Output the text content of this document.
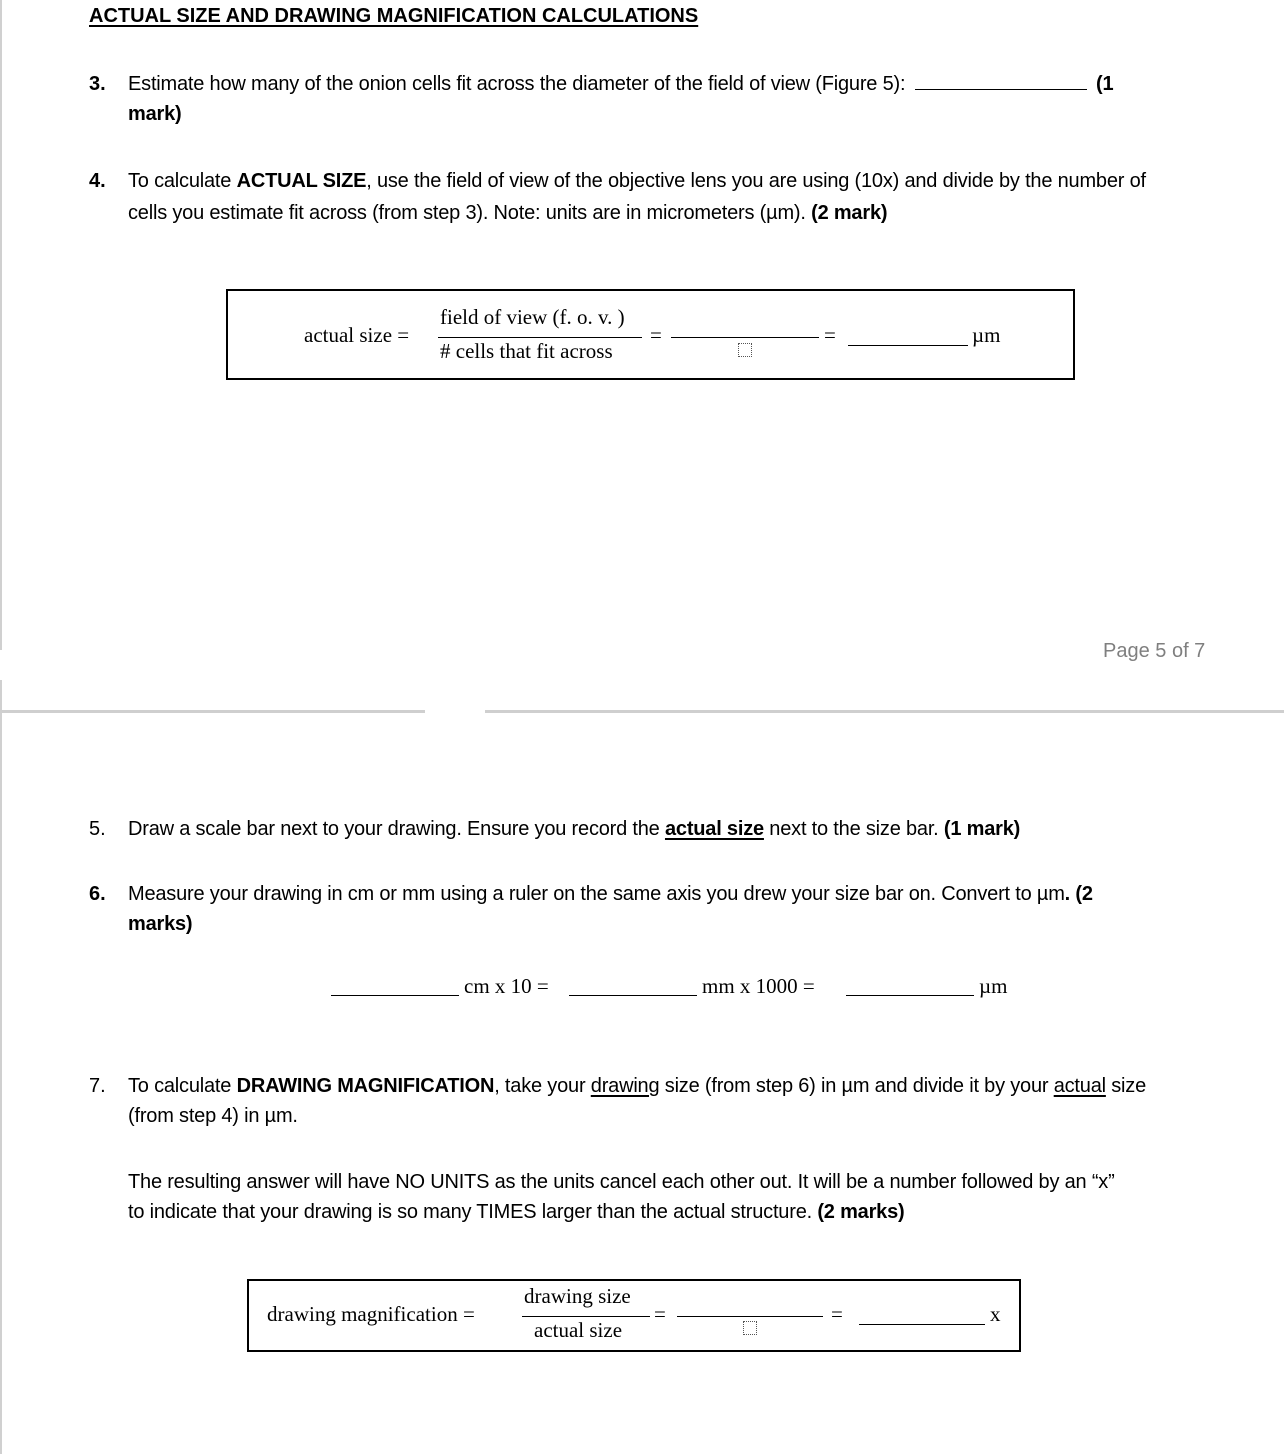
ACTUAL SIZE AND DRAWING MAGNIFICATION CALCULATIONS
3. Estimate how many of the onion cells fit across the diameter of the field of view (Figure 5):	(1
mark)
4. To calculate ACTUAL SIZE, use the field of view of the objective lens you are using (10x) and divide by the number of
cells you estimate fit across (from step 3). Note: units are in micrometers (µm). (2 mark)
actual size =
field of view (f. o. v. )
# cells that fit across
=	=	µm
Page 5 of 7
5. Draw a scale bar next to your drawing. Ensure you record the actual size next to the size bar. (1 mark)
6. Measure your drawing in cm or mm using a ruler on the same axis you drew your size bar on. Convert to µm. (2
marks)
cm x 10 =	mm x 1000 =	µm
7. To calculate DRAWING MAGNIFICATION, take your drawing size (from step 6) in µm and divide it by your actual size
(from step 4) in µm.
The resulting answer will have NO UNITS as the units cancel each other out. It will be a number followed by an “x”
to indicate that your drawing is so many TIMES larger than the actual structure. (2 marks)
drawing magnification =
drawing size
actual size
=	=	x
